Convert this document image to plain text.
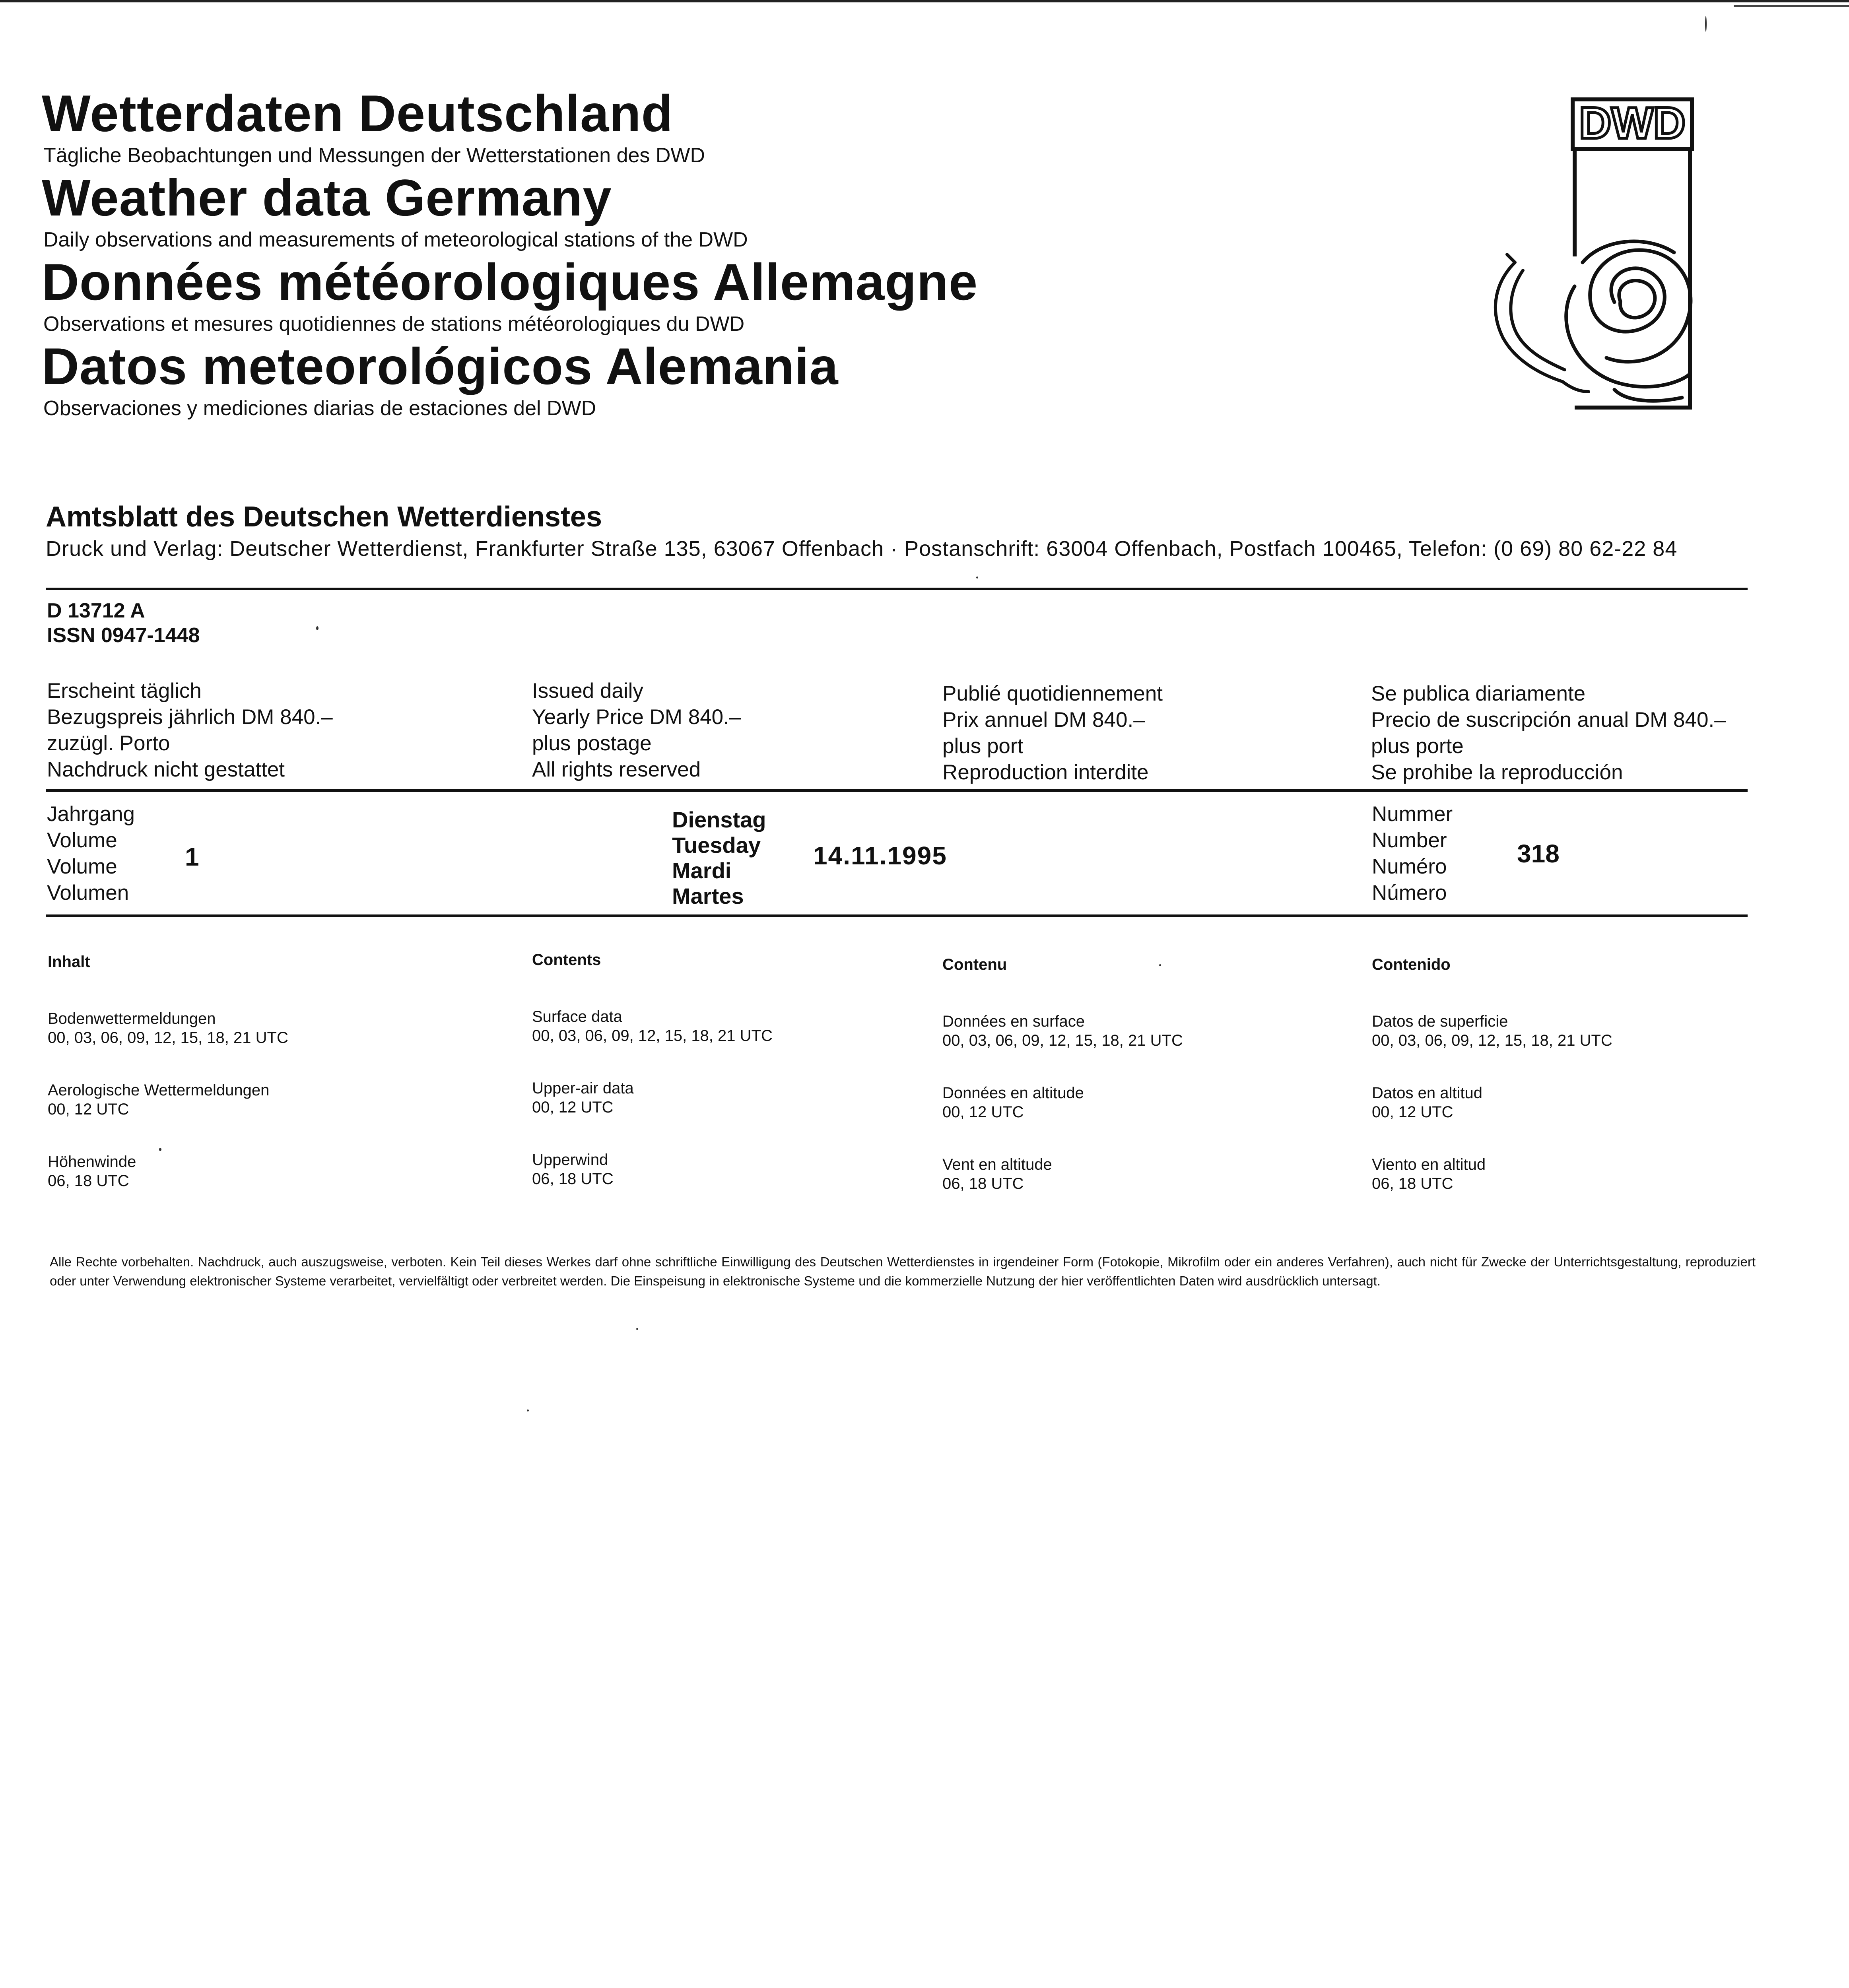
Wetterdaten Deutschland
Tägliche Beobachtungen und Messungen der Wetterstationen des DWD
Weather data Germany
Daily observations and measurements of meteorological stations of the DWD
Données météorologiques Allemagne
Observations et mesures quotidiennes de stations météorologiques du DWD
Datos meteorológicos Alemania
Observaciones y mediciones diarias de estaciones del DWD
DWD
Amtsblatt des Deutschen Wetterdienstes
Druck und Verlag: Deutscher Wetterdienst, Frankfurter Straße 135, 63067 Offenbach · Postanschrift: 63004 Offenbach, Postfach 100465, Telefon: (0 69) 80 62-22 84
D 13712 A
ISSN 0947-1448
Erscheint täglich
Bezugspreis jährlich DM 840.–
zuzügl. Porto
Nachdruck nicht gestattet
Issued daily
Yearly Price DM 840.–
plus postage
All rights reserved
Publié quotidiennement
Prix annuel DM 840.–
plus port
Reproduction interdite
Se publica diariamente
Precio de suscripción anual DM 840.–
plus porte
Se prohibe la reproducción
Jahrgang
Volume
Volume
Volumen
1
Dienstag
Tuesday
Mardi
Martes
14.11.1995
Nummer
Number
Numéro
Número
318
Inhalt
Bodenwettermeldungen
00, 03, 06, 09, 12, 15, 18, 21 UTC
Aerologische Wettermeldungen
00, 12 UTC
Höhenwinde
06, 18 UTC
Contents
Surface data
00, 03, 06, 09, 12, 15, 18, 21 UTC
Upper-air data
00, 12 UTC
Upperwind
06, 18 UTC
Contenu
Données en surface
00, 03, 06, 09, 12, 15, 18, 21 UTC
Données en altitude
00, 12 UTC
Vent en altitude
06, 18 UTC
Contenido
Datos de superficie
00, 03, 06, 09, 12, 15, 18, 21 UTC
Datos en altitud
00, 12 UTC
Viento en altitud
06, 18 UTC
Alle Rechte vorbehalten. Nachdruck, auch auszugsweise, verboten. Kein Teil dieses Werkes darf ohne schriftliche Einwilligung des Deutschen Wetterdienstes in irgendeiner Form (Fotokopie, Mikrofilm oder ein anderes Verfahren), auch nicht für Zwecke der Unterrichtsgestaltung, reproduziert oder unter Verwendung elektronischer Systeme verarbeitet, vervielfältigt oder verbreitet werden. Die Einspeisung in elektronische Systeme und die kommerzielle Nutzung der hier veröffentlichten Daten wird ausdrücklich untersagt.
